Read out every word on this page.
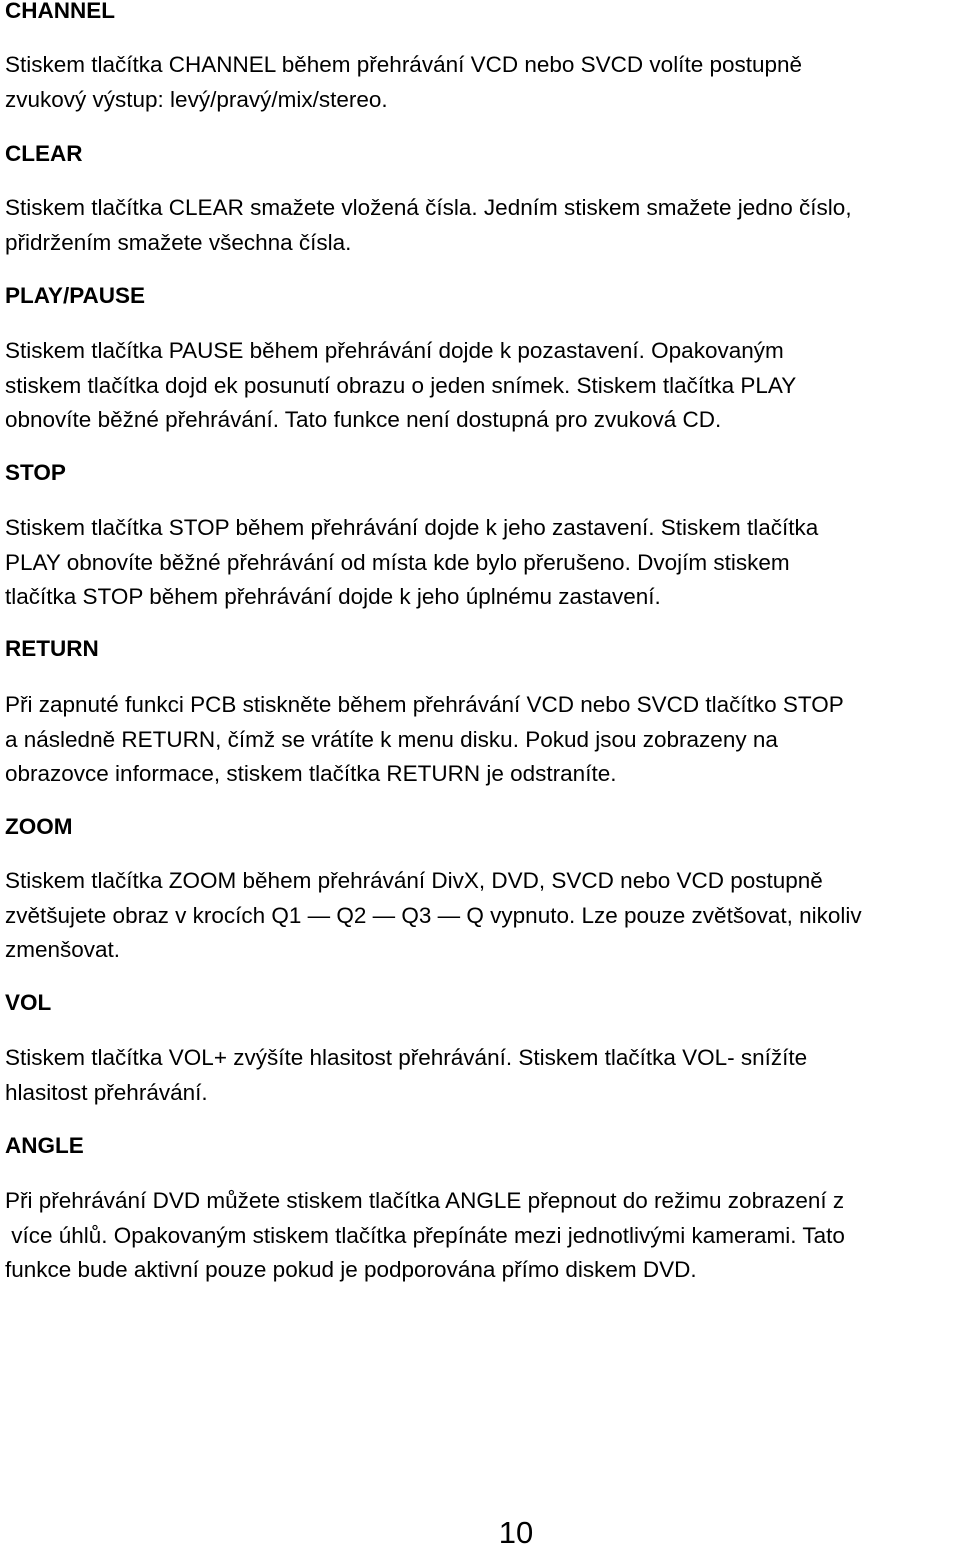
CHANNEL

Stiskem tlačítka CHANNEL během přehrávání VCD nebo SVCD volíte postupně
zvukový výstup: levý/pravý/mix/stereo.

CLEAR

Stiskem tlačítka CLEAR smažete vložená čísla. Jedním stiskem smažete jedno číslo,
přidržením smažete všechna čísla.

PLAY/PAUSE

Stiskem tlačítka PAUSE během přehrávání dojde k pozastavení. Opakovaným
stiskem tlačítka dojd ek posunutí obrazu o jeden snímek. Stiskem tlačítka PLAY
obnovíte běžné přehrávání. Tato funkce není dostupná pro zvuková CD.

STOP

Stiskem tlačítka STOP během přehrávání dojde k jeho zastavení. Stiskem tlačítka
PLAY obnovíte běžné přehrávání od místa kde bylo přerušeno. Dvojím stiskem
tlačítka STOP během přehrávání dojde k jeho úplnému zastavení.

RETURN

Při zapnuté funkci PCB stiskněte během přehrávání VCD nebo SVCD tlačítko STOP
a následně RETURN, čímž se vrátíte k menu disku. Pokud jsou zobrazeny na
obrazovce informace, stiskem tlačítka RETURN je odstraníte.

ZOOM

Stiskem tlačítka ZOOM během přehrávání DivX, DVD, SVCD nebo VCD postupně
zvětšujete obraz v krocích Q1 — Q2 — Q3 — Q vypnuto. Lze pouze zvětšovat, nikoliv
zmenšovat.

VOL

Stiskem tlačítka VOL+ zvýšíte hlasitost přehrávání. Stiskem tlačítka VOL- snížíte
hlasitost přehrávání.

ANGLE

Při přehrávání DVD můžete stiskem tlačítka ANGLE přepnout do režimu zobrazení z
více úhlů. Opakovaným stiskem tlačítka přepínáte mezi jednotlivými kamerami. Tato
funkce bude aktivní pouze pokud je podporována přímo diskem DVD.

10
